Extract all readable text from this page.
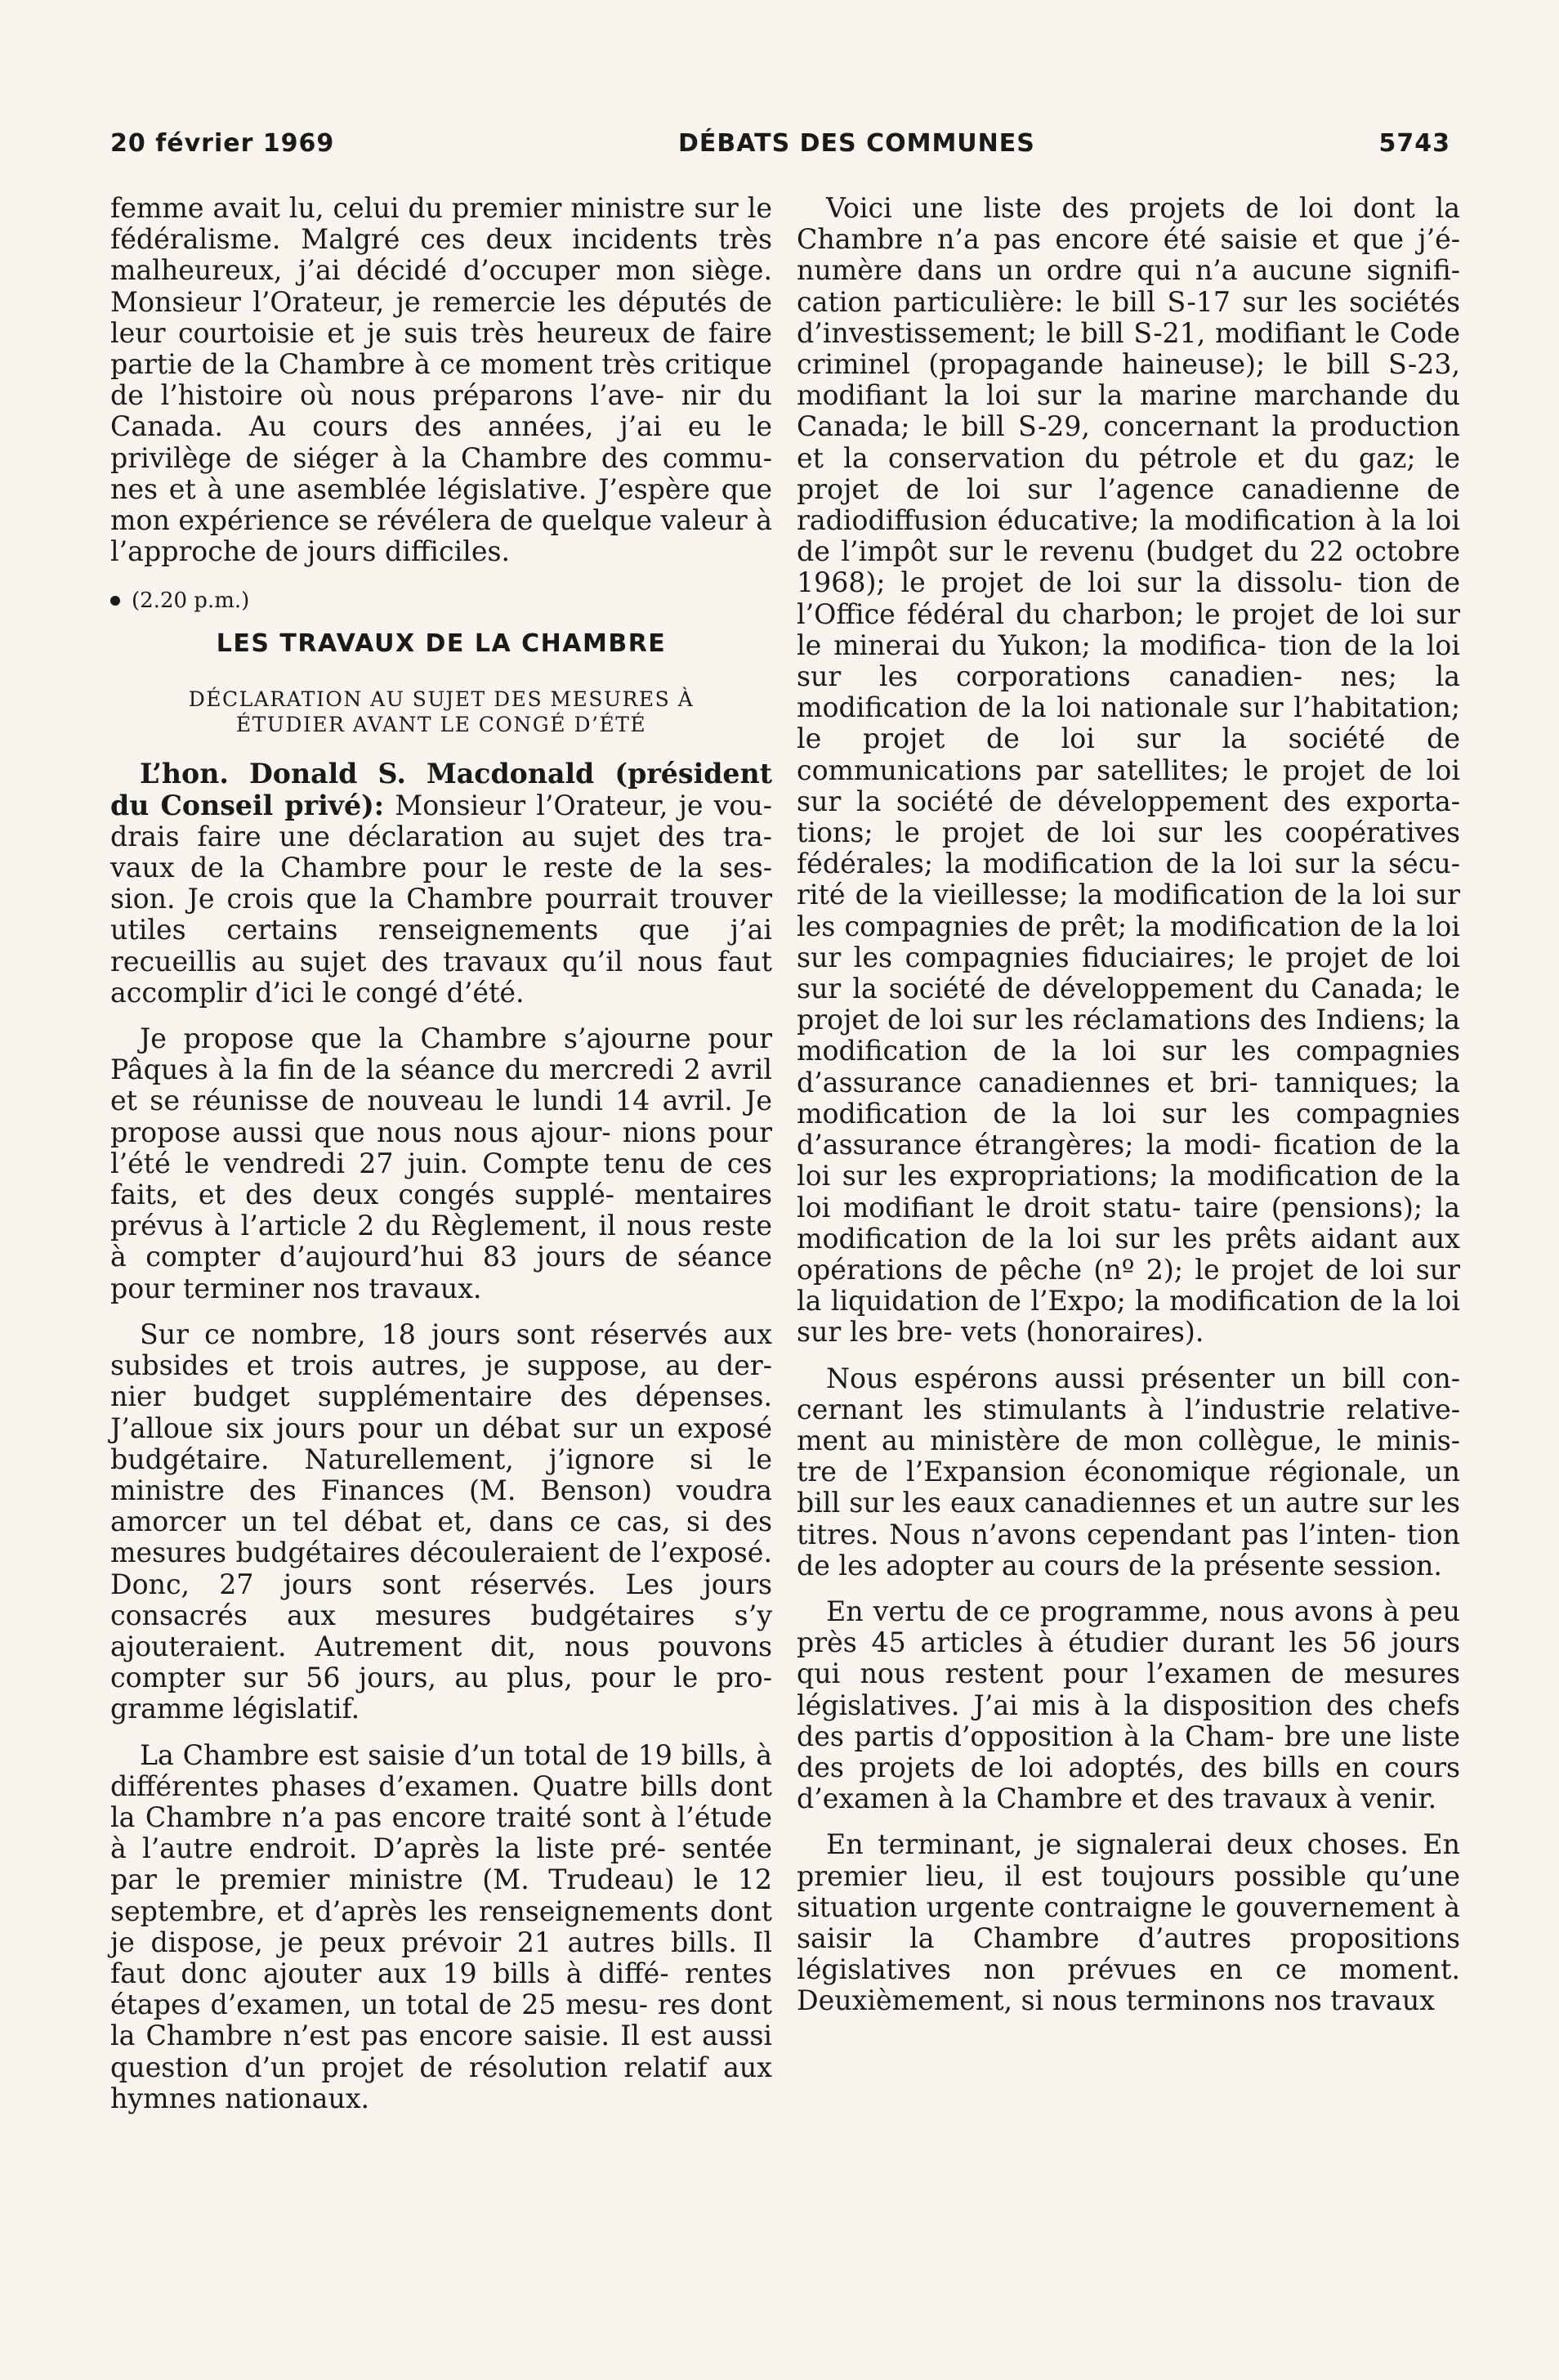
20 février 1969	DÉBATS DES COMMUNES	5743

femme avait lu, celui du premier ministre sur le fédéralisme. Malgré ces deux incidents très malheureux, j’ai décidé d’occuper mon siège. Monsieur l’Orateur, je remercie les députés de leur courtoisie et je suis très heureux de faire partie de la Chambre à ce moment très critique de l’histoire où nous préparons l’ave- nir du Canada. Au cours des années, j’ai eu le privilège de siéger à la Chambre des commu- nes et à une asemblée législative. J’espère que mon expérience se révélera de quelque valeur à l’approche de jours difficiles.

(2.20 p.m.)
LES TRAVAUX DE LA CHAMBRE
DÉCLARATION AU SUJET DES MESURES À
ÉTUDIER AVANT LE CONGÉ D’ÉTÉ

L’hon. Donald S. Macdonald (président du Conseil privé): Monsieur l’Orateur, je vou- drais faire une déclaration au sujet des tra- vaux de la Chambre pour le reste de la ses- sion. Je crois que la Chambre pourrait trouver utiles certains renseignements que j’ai recueillis au sujet des travaux qu’il nous faut accomplir d’ici le congé d’été.

Je propose que la Chambre s’ajourne pour Pâques à la fin de la séance du mercredi 2 avril et se réunisse de nouveau le lundi 14 avril. Je propose aussi que nous nous ajour- nions pour l’été le vendredi 27 juin. Compte tenu de ces faits, et des deux congés supplé- mentaires prévus à l’article 2 du Règlement, il nous reste à compter d’aujourd’hui 83 jours de séance pour terminer nos travaux.

Sur ce nombre, 18 jours sont réservés aux subsides et trois autres, je suppose, au der- nier budget supplémentaire des dépenses. J’alloue six jours pour un débat sur un exposé budgétaire. Naturellement, j’ignore si le ministre des Finances (M. Benson) voudra amorcer un tel débat et, dans ce cas, si des mesures budgétaires découleraient de l’exposé. Donc, 27 jours sont réservés. Les jours consacrés aux mesures budgétaires s’y ajouteraient. Autrement dit, nous pouvons compter sur 56 jours, au plus, pour le pro- gramme législatif.

La Chambre est saisie d’un total de 19 bills, à différentes phases d’examen. Quatre bills dont la Chambre n’a pas encore traité sont à l’étude à l’autre endroit. D’après la liste pré- sentée par le premier ministre (M. Trudeau) le 12 septembre, et d’après les renseignements dont je dispose, je peux prévoir 21 autres bills. Il faut donc ajouter aux 19 bills à diffé- rentes étapes d’examen, un total de 25 mesu- res dont la Chambre n’est pas encore saisie. Il est aussi question d’un projet de résolution relatif aux hymnes nationaux.

Voici une liste des projets de loi dont la Chambre n’a pas encore été saisie et que j’é- numère dans un ordre qui n’a aucune signifi- cation particulière: le bill S-17 sur les sociétés d’investissement; le bill S-21, modifiant le Code criminel (propagande haineuse); le bill S-23, modifiant la loi sur la marine marchande du Canada; le bill S-29, concernant la production et la conservation du pétrole et du gaz; le projet de loi sur l’agence canadienne de radiodiffusion éducative; la modification à la loi de l’impôt sur le revenu (budget du 22 octobre 1968); le projet de loi sur la dissolu- tion de l’Office fédéral du charbon; le projet de loi sur le minerai du Yukon; la modifica- tion de la loi sur les corporations canadien- nes; la modification de la loi nationale sur l’habitation; le projet de loi sur la société de communications par satellites; le projet de loi sur la société de développement des exporta- tions; le projet de loi sur les coopératives fédérales; la modification de la loi sur la sécu- rité de la vieillesse; la modification de la loi sur les compagnies de prêt; la modification de la loi sur les compagnies fiduciaires; le projet de loi sur la société de développement du Canada; le projet de loi sur les réclamations des Indiens; la modification de la loi sur les compagnies d’assurance canadiennes et bri- tanniques; la modification de la loi sur les compagnies d’assurance étrangères; la modi- fication de la loi sur les expropriations; la modification de la loi modifiant le droit statu- taire (pensions); la modification de la loi sur les prêts aidant aux opérations de pêche (nº 2); le projet de loi sur la liquidation de l’Expo; la modification de la loi sur les bre- vets (honoraires).

Nous espérons aussi présenter un bill con- cernant les stimulants à l’industrie relative- ment au ministère de mon collègue, le minis- tre de l’Expansion économique régionale, un bill sur les eaux canadiennes et un autre sur les titres. Nous n’avons cependant pas l’inten- tion de les adopter au cours de la présente session.

En vertu de ce programme, nous avons à peu près 45 articles à étudier durant les 56 jours qui nous restent pour l’examen de mesures législatives. J’ai mis à la disposition des chefs des partis d’opposition à la Cham- bre une liste des projets de loi adoptés, des bills en cours d’examen à la Chambre et des travaux à venir.

En terminant, je signalerai deux choses. En premier lieu, il est toujours possible qu’une situation urgente contraigne le gouvernement à saisir la Chambre d’autres propositions législatives non prévues en ce moment. Deuxièmement, si nous terminons nos travaux
